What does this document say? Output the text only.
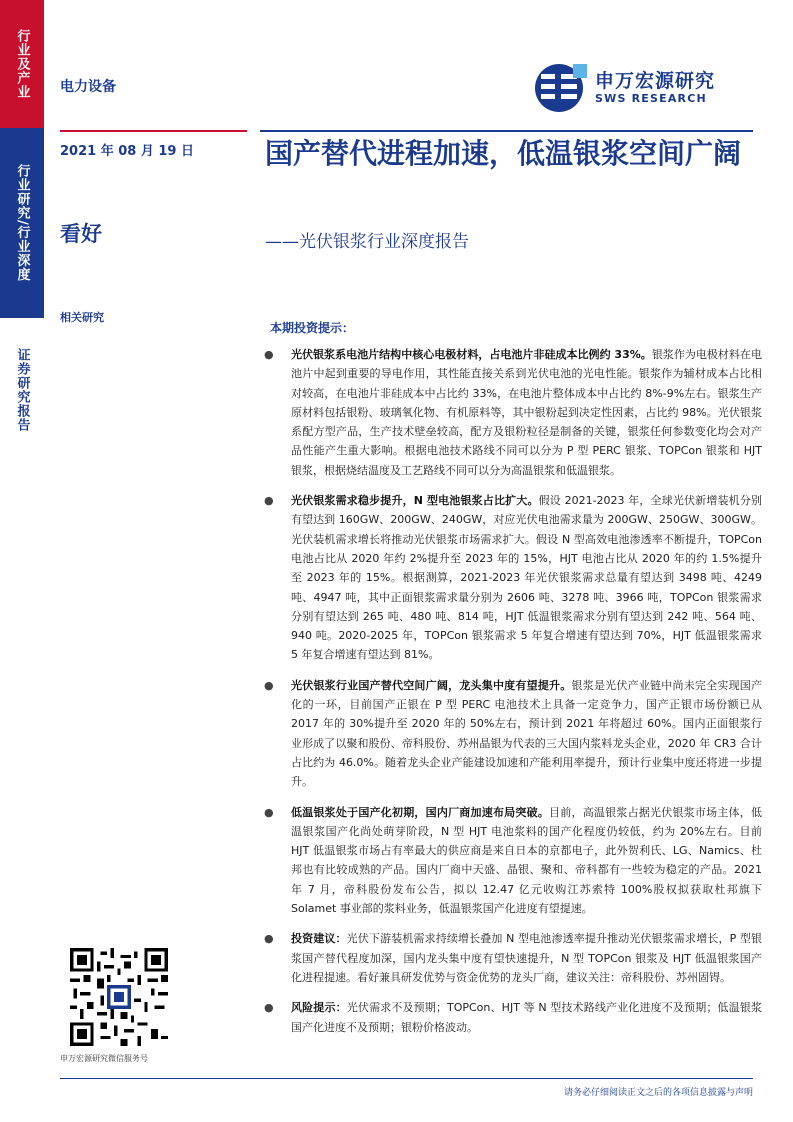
行业及产业
行业研究/行业深度
证券研究报告
电力设备	申万宏源研究
SWS RESEARCH
2021 年 08 月 19 日
看好
相关研究
国产替代进程加速，低温银浆空间广阔
——光伏银浆行业深度报告
本期投资提示：
● 光伏银浆系电池片结构中核心电极材料，占电池片非硅成本比例约 33%。银浆作为电极材料在电池片中起到重要的导电作用，其性能直接关系到光伏电池的光电性能。银浆作为辅材成本占比相对较高，在电池片非硅成本中占比约 33%，在电池片整体成本中占比约 8%-9%左右。银浆生产原材料包括银粉、玻璃氧化物、有机原料等，其中银粉起到决定性因素，占比约 98%。光伏银浆系配方型产品，生产技术壁垒较高，配方及银粉粒径是制备的关键，银浆任何参数变化均会对产品性能产生重大影响。根据电池技术路线不同可以分为 P 型 PERC 银浆、TOPCon 银浆和 HJT 银浆，根据烧结温度及工艺路线不同可以分为高温银浆和低温银浆。
● 光伏银浆需求稳步提升，N 型电池银浆占比扩大。假设 2021-2023 年，全球光伏新增装机分别有望达到 160GW、200GW、240GW，对应光伏电池需求量为 200GW、250GW、300GW。光伏装机需求增长将推动光伏银浆市场需求扩大。假设 N 型高效电池渗透率不断提升，TOPCon 电池占比从 2020 年约 2%提升至 2023 年的 15%，HJT 电池占比从 2020 年的约 1.5%提升至 2023 年的 15%。根据测算，2021-2023 年光伏银浆需求总量有望达到 3498 吨、4249 吨、4947 吨，其中正面银浆需求量分别为 2606 吨、3278 吨、3966 吨，TOPCon 银浆需求分别有望达到 265 吨、480 吨、814 吨，HJT 低温银浆需求分别有望达到 242 吨、564 吨、940 吨。2020-2025 年，TOPCon 银浆需求 5 年复合增速有望达到 70%，HJT 低温银浆需求 5 年复合增速有望达到 81%。
● 光伏银浆行业国产替代空间广阔，龙头集中度有望提升。银浆是光伏产业链中尚未完全实现国产化的一环，目前国产正银在 P 型 PERC 电池技术上具备一定竞争力，国产正银市场份额已从 2017 年的 30%提升至 2020 年的 50%左右，预计到 2021 年将超过 60%。国内正面银浆行业形成了以聚和股份、帝科股份、苏州晶银为代表的三大国内浆料龙头企业，2020 年 CR3 合计占比约为 46.0%。随着龙头企业产能建设加速和产能利用率提升，预计行业集中度还将进一步提升。
● 低温银浆处于国产化初期，国内厂商加速布局突破。目前，高温银浆占据光伏银浆市场主体，低温银浆国产化尚处萌芽阶段，N 型 HJT 电池浆料的国产化程度仍较低，约为 20%左右。目前 HJT 低温银浆市场占有率最大的供应商是来自日本的京都电子，此外贺利氏、LG、Namics、杜邦也有比较成熟的产品。国内厂商中天盛、晶银、聚和、帝科都有一些较为稳定的产品。2021 年 7 月，帝科股份发布公告，拟以 12.47 亿元收购江苏索特 100%股权拟获取杜邦旗下 Solamet 事业部的浆料业务，低温银浆国产化进度有望提速。
● 投资建议：光伏下游装机需求持续增长叠加 N 型电池渗透率提升推动光伏银浆需求增长，P 型银浆国产替代程度加深，国内龙头集中度有望快速提升，N 型 TOPCon 银浆及 HJT 低温银浆国产化进程提速。看好兼具研发优势与资金优势的龙头厂商，建议关注：帝科股份、苏州固锝。
● 风险提示：光伏需求不及预期；TOPCon、HJT 等 N 型技术路线产业化进度不及预期；低温银浆国产化进度不及预期；银粉价格波动。
申万宏源研究微信服务号
请务必仔细阅读正文之后的各项信息披露与声明
